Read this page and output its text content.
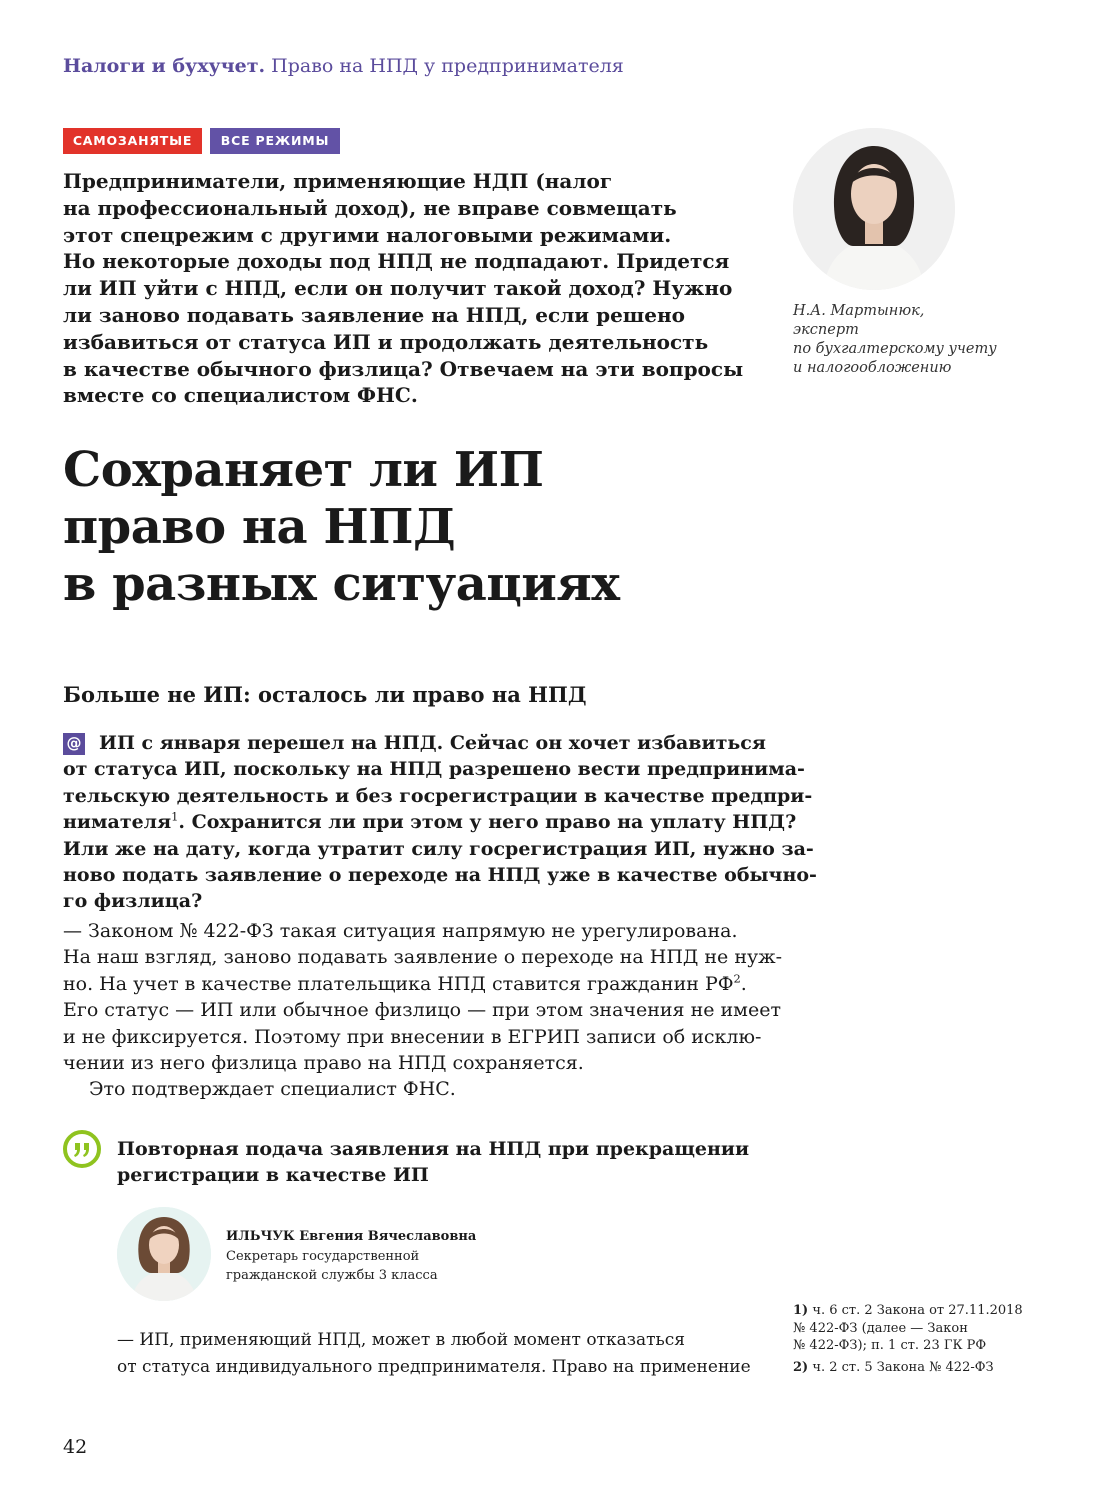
Налоги и бухучет. Право на НПД у предпринимателя
САМОЗАНЯТЫЕ	ВСЕ РЕЖИМЫ
Предприниматели, применяющие НДП (налог
на профессиональный доход), не вправе совмещать
этот спецрежим с другими налоговыми режимами.
Но некоторые доходы под НПД не подпадают. Придется
ли ИП уйти с НПД, если он получит такой доход? Нужно
ли заново подавать заявление на НПД, если решено
избавиться от статуса ИП и продолжать деятельность
в качестве обычного физлица? Отвечаем на эти вопросы
вместе со специалистом ФНС.
Н.А. Мартынюк,
эксперт
по бухгалтерскому учету
и налогообложению
Сохраняет ли ИП
право на НПД
в разных ситуациях
Больше не ИП: осталось ли право на НПД
ИП с января перешел на НПД. Сейчас он хочет избавиться
от статуса ИП, поскольку на НПД разрешено вести предпринима-
тельскую деятельность и без госрегистрации в качестве предпри-
нимателя$^1$. Сохранится ли при этом у него право на уплату НПД?
Или же на дату, когда утратит силу госрегистрация ИП, нужно за-
ново подать заявление о переходе на НПД уже в качестве обычно-
го физлица?
@
— Законом № 422-ФЗ такая ситуация напрямую не урегулирована.
На наш взгляд, заново подавать заявление о переходе на НПД не нуж-
но. На учет в качестве плательщика НПД ставится гражданин $РФ^2$.
Его статус — ИП или обычное физлицо — при этом значения не имеет
и не фиксируется. Поэтому при внесении в ЕГРИП записи об исклю-
чении из него физлица право на НПД сохраняется.
Это подтверждает специалист ФНС.
Повторная подача заявления на НПД при прекращении
регистрации в качестве ИП
ИЛЬЧУК Евгения Вячеславовна
Секретарь государственной
гражданской службы 3 класса
— ИП, применяющий НПД, может в любой момент отказаться
от статуса индивидуального предпринимателя. Право на применение
1) ч. 6 ст. 2 Закона от 27.11.2018
№ 422-ФЗ (далее — Закон
№ 422-ФЗ); п. 1 ст. 23 ГК РФ
2) ч. 2 ст. 5 Закона № 422-ФЗ
42
